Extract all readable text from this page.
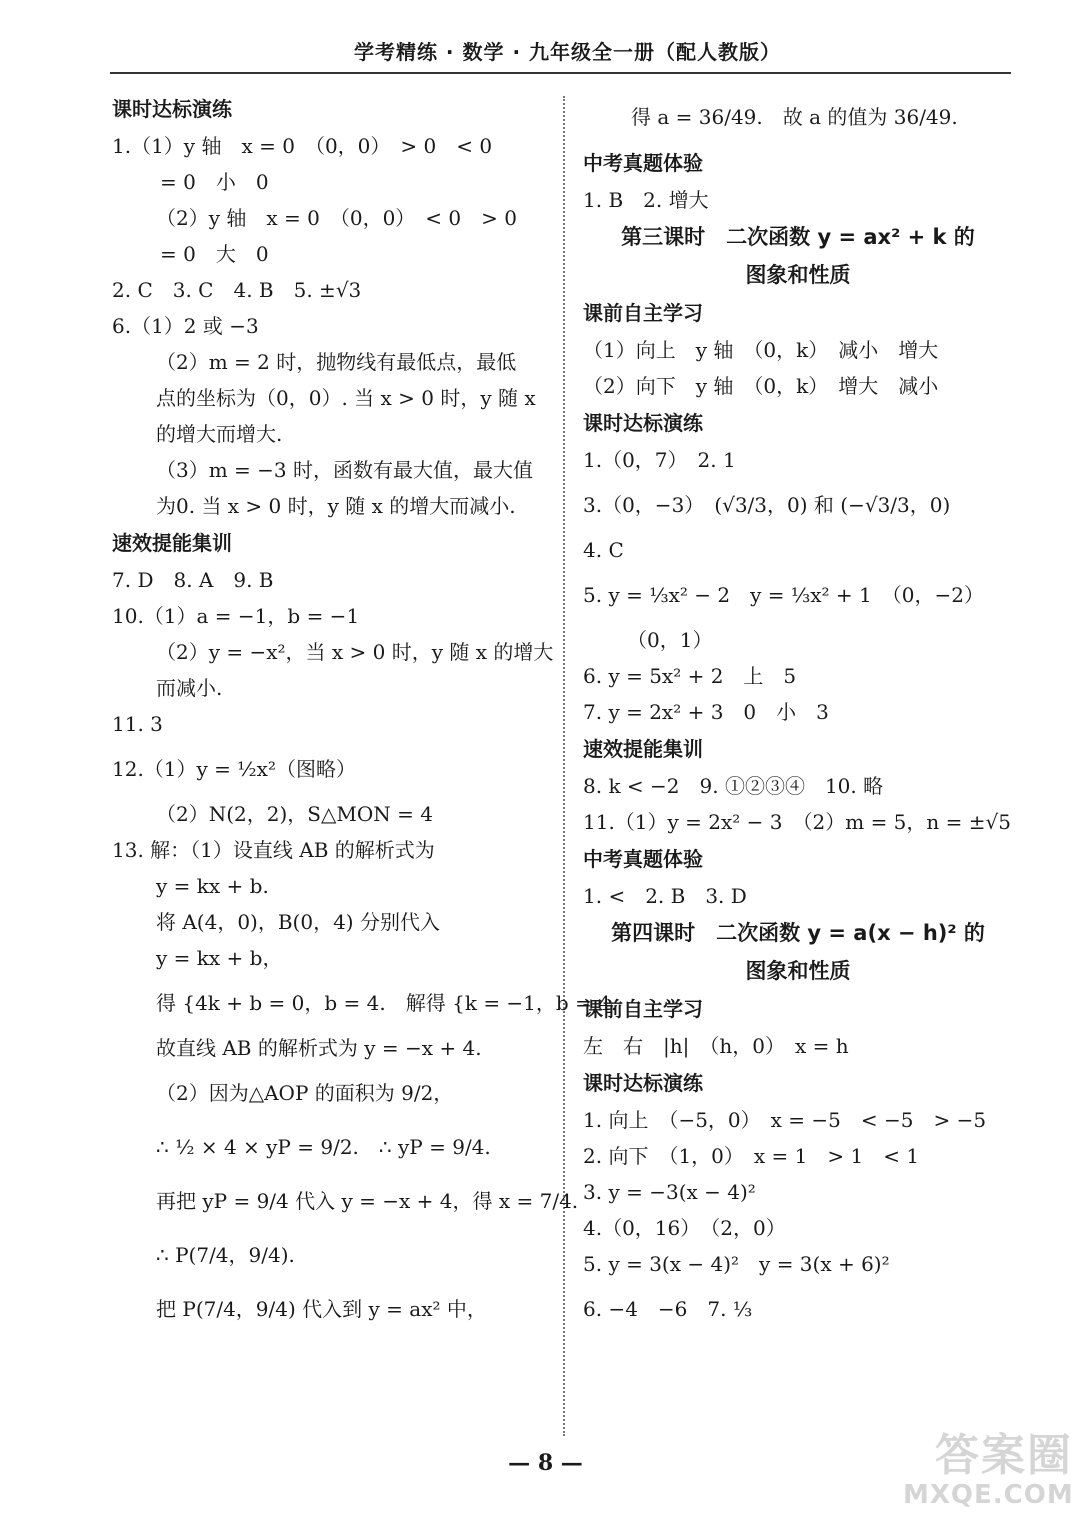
学考精练 · 数学 · 九年级全一册（配人教版）
课时达标演练
1.（1）y 轴　x = 0　（0，0）　> 0　< 0
= 0　小　0
（2）y 轴　x = 0　（0，0）　< 0　> 0
= 0　大　0
2. C　3. C　4. B　5. ±√3
6.（1）2 或 −3
（2）m = 2 时，抛物线有最低点，最低
点的坐标为（0，0）. 当 x > 0 时，y 随 x
的增大而增大.
（3）m = −3 时，函数有最大值，最大值
为0. 当 x > 0 时，y 随 x 的增大而减小.
速效提能集训
7. D　8. A　9. B
10.（1）a = −1，b = −1
（2）y = −x²，当 x > 0 时，y 随 x 的增大
而减小.
11. 3
12.（1）y = ½x²（图略）
（2）N(2，2)，S△MON = 4
13. 解：（1）设直线 AB 的解析式为
y = kx + b.
将 A(4，0)，B(0，4) 分别代入
y = kx + b，
得 {4k + b = 0，b = 4.　解得 {k = −1，b = 4.
故直线 AB 的解析式为 y = −x + 4.
（2）因为△AOP 的面积为 9/2，
∴ ½ × 4 × yP = 9/2.　∴ yP = 9/4.
再把 yP = 9/4 代入 y = −x + 4，得 x = 7/4.
∴ P(7/4，9/4).
把 P(7/4，9/4) 代入到 y = ax² 中，
得 a = 36/49.　故 a 的值为 36/49.
中考真题体验
1. B　2. 增大
第三课时　二次函数 y = ax² + k 的
图象和性质
课前自主学习
（1）向上　y 轴　（0，k）　减小　增大
（2）向下　y 轴　（0，k）　增大　减小
课时达标演练
1.（0，7）　2. 1
3.（0，−3）　(√3/3，0) 和 (−√3/3，0)
4. C
5. y = ⅓x² − 2　y = ⅓x² + 1　（0，−2）
（0，1）
6. y = 5x² + 2　上　5
7. y = 2x² + 3　0　小　3
速效提能集训
8. k < −2　9. ①②③④　10. 略
11.（1）y = 2x² − 3　（2）m = 5，n = ±√5
中考真题体验
1. <　2. B　3. D
第四课时　二次函数 y = a(x − h)² 的
图象和性质
课前自主学习
左　右　|h|　（h，0）　x = h
课时达标演练
1. 向上　（−5，0）　x = −5　< −5　> −5
2. 向下　（1，0）　x = 1　> 1　< 1
3. y = −3(x − 4)²
4.（0，16）　（2，0）
5. y = 3(x − 4)²　y = 3(x + 6)²
6. −4　−6　7. ⅓
— 8 —	答案圈
MXQE.COM
